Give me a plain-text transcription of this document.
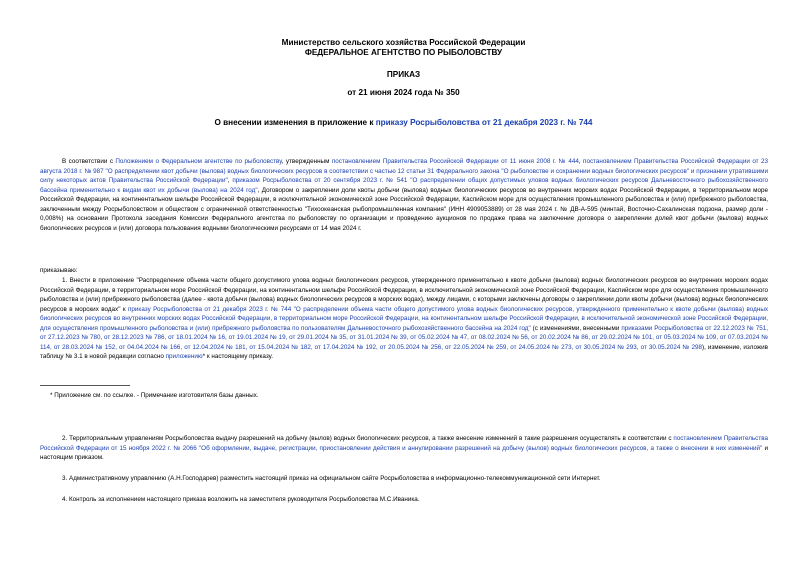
Министерство сельского хозяйства Российской Федерации
ФЕДЕРАЛЬНОЕ АГЕНТСТВО ПО РЫБОЛОВСТВУ
ПРИКАЗ
от 21 июня 2024 года № 350
О внесении изменения в приложение к приказу Росрыболовства от 21 декабря 2023 г. № 744
В соответствии с Положением о Федеральном агентстве по рыболовству, утвержденным постановлением Правительства Российской Федерации от 11 июня 2008 г. № 444, постановлением Правительства Российской Федерации от 23 августа 2018 г. № 987 "О распределении квот добычи (вылова) водных биологических ресурсов в соответствии с частью 12 статьи 31 Федерального закона "О рыболовстве и сохранении водных биологических ресурсов" и признании утратившими силу некоторых актов Правительства Российской Федерации", приказом Росрыболовства от 20 сентября 2023 г. № 541 "О распределении общих допустимых уловов водных биологических ресурсов Дальневосточного рыбохозяйственного бассейна применительно к видам квот их добычи (вылова) на 2024 год", Договором о закреплении доли квоты добычи (вылова) водных биологических ресурсов во внутренних морских водах Российской Федерации, в территориальном море Российской Федерации, на континентальном шельфе Российской Федерации, в исключительной экономической зоне Российской Федерации, Каспийском море для осуществления промышленного рыболовства и (или) прибрежного рыболовства, заключенным между Росрыболовством и обществом с ограниченной ответственностью "Тихоокеанская рыбопромышленная компания" (ИНН 4909053889) от 28 мая 2024 г. № ДВ-А-595 (минтай, Восточно-Сахалинская подзона, размер доли - 0,008%) на основании Протокола заседания Комиссии Федерального агентства по рыболовству по организации и проведению аукционов по продаже права на заключение договора о закреплении долей квот добычи (вылова) водных биологических ресурсов и (или) договора пользования водными биологическими ресурсами от 14 мая 2024 г.
приказываю:
1. Внести в приложение "Распределение объема части общего допустимого улова водных биологических ресурсов, утвержденного применительно к квоте добычи (вылова) водных биологических ресурсов во внутренних морских водах Российской Федерации, в территориальном море Российской Федерации, на континентальном шельфе Российской Федерации, в исключительной экономической зоне Российской Федерации, Каспийском море для осуществления промышленного рыболовства и (или) прибрежного рыболовства (далее - квота добычи (вылова) водных биологических ресурсов в морских водах), между лицами, с которыми заключены договоры о закреплении доли квоты добычи (вылова) водных биологических ресурсов в морских водах" к приказу Росрыболовства от 21 декабря 2023 г. № 744 "О распределении объема части общего допустимого улова водных биологических ресурсов, утвержденного применительно к квоте добычи (вылова) водных биологических ресурсов во внутренних морских водах Российской Федерации, в территориальном море Российской Федерации, на континентальном шельфе Российской Федерации, в исключительной экономической зоне Российской Федерации, для осуществления промышленного рыболовства и (или) прибрежного рыболовства по пользователям Дальневосточного рыбохозяйственного бассейна на 2024 год" (с изменениями, внесенными приказами Росрыболовства от 22.12.2023 № 751, от 27.12.2023 № 780, от 28.12.2023 № 786, от 18.01.2024 № 16, от 19.01.2024 № 19, от 29.01.2024 № 35, от 31.01.2024 № 39, от 05.02.2024 № 47, от 08.02.2024 № 56, от 20.02.2024 № 86, от 29.02.2024 № 101, от 05.03.2024 № 109, от 07.03.2024 № 114, от 28.03.2024 № 152, от 04.04.2024 № 166, от 12.04.2024 № 181, от 15.04.2024 № 182, от 17.04.2024 № 192, от 20.05.2024 № 256, от 22.05.2024 № 259, от 24.05.2024 № 273, от 30.05.2024 № 293, от 30.05.2024 № 298), изменение, изложив таблицу № 3.1 в новой редакции согласно приложению* к настоящему приказу.
* Приложение см. по ссылке. - Примечание изготовителя базы данных.
2. Территориальным управлениям Росрыболовства выдачу разрешений на добычу (вылов) водных биологических ресурсов, а также внесение изменений в такие разрешения осуществлять в соответствии с постановлением Правительства Российской Федерации от 15 ноября 2022 г. № 2066 "Об оформлении, выдаче, регистрации, приостановлении действия и аннулировании разрешений на добычу (вылов) водных биологических ресурсов, а также о внесении в них изменений" и настоящим приказом.
3. Административному управлению (А.Н.Господарев) разместить настоящий приказ на официальном сайте Росрыболовства в информационно-телекоммуникационной сети Интернет.
4. Контроль за исполнением настоящего приказа возложить на заместителя руководителя Росрыболовства М.С.Иваника.
